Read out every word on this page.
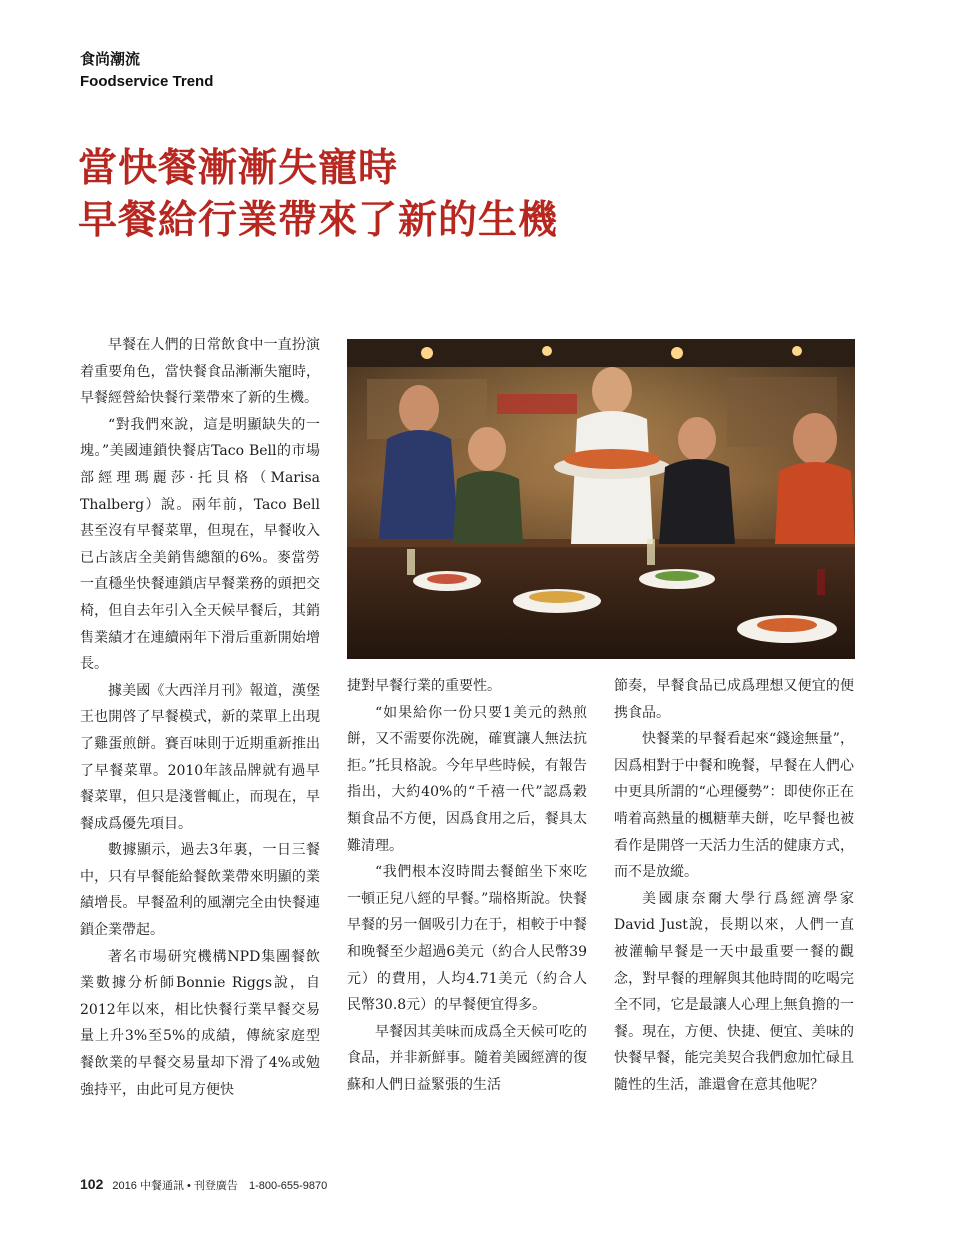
食尚潮流
Foodservice Trend
當快餐漸漸失寵時
早餐給行業帶來了新的生機

早餐在人們的日常飲食中一直扮演着重要角色，當快餐食品漸漸失寵時，早餐經營給快餐行業帶來了新的生機。

“對我們來說，這是明顯缺失的一塊。”美國連鎖快餐店Taco Bell的市場部經理瑪麗莎·托貝格（Marisa Thalberg）說。兩年前，Taco Bell甚至沒有早餐菜單，但現在，早餐收入已占該店全美銷售總額的6%。麥當勞一直穩坐快餐連鎖店早餐業務的頭把交椅，但自去年引入全天候早餐后，其銷售業績才在連續兩年下滑后重新開始增長。

據美國《大西洋月刊》報道，漢堡王也開啓了早餐模式，新的菜單上出現了雞蛋煎餅。賽百味則于近期重新推出了早餐菜單。2010年該品牌就有過早餐菜單，但只是淺嘗輒止，而現在，早餐成爲優先項目。

數據顯示，過去3年裏，一日三餐中，只有早餐能給餐飲業帶來明顯的業績增長。早餐盈利的風潮完全由快餐連鎖企業帶起。

著名市場研究機構NPD集團餐飲業數據分析師Bonnie Riggs說，自2012年以來，相比快餐行業早餐交易量上升3%至5%的成績，傳統家庭型餐飲業的早餐交易量却下滑了4%或勉強持平，由此可見方便快

捷對早餐行業的重要性。

“如果給你一份只要1美元的熱煎餅，又不需要你洗碗，確實讓人無法抗拒。”托貝格說。今年早些時候，有報告指出，大約40%的“千禧一代”認爲穀類食品不方便，因爲食用之后，餐具太難清理。

“我們根本沒時間去餐館坐下來吃一頓正兒八經的早餐。”瑞格斯說。快餐早餐的另一個吸引力在于，相較于中餐和晚餐至少超過6美元（約合人民幣39元）的費用，人均4.71美元（約合人民幣30.8元）的早餐便宜得多。

早餐因其美味而成爲全天候可吃的食品，并非新鮮事。隨着美國經濟的復蘇和人們日益緊張的生活

節奏，早餐食品已成爲理想又便宜的便携食品。

快餐業的早餐看起來“錢途無量”，因爲相對于中餐和晚餐，早餐在人們心中更具所謂的“心理優勢”：即使你正在啃着高熱量的楓糖華夫餅，吃早餐也被看作是開啓一天活力生活的健康方式，而不是放縱。

美國康奈爾大學行爲經濟學家David Just說，長期以來，人們一直被灌輸早餐是一天中最重要一餐的觀念，對早餐的理解與其他時間的吃喝完全不同，它是最讓人心理上無負擔的一餐。現在，方便、快捷、便宜、美味的快餐早餐，能完美契合我們愈加忙碌且隨性的生活，誰還會在意其他呢？

102 2016 中餐通訊 • 刊登廣告 1-800-655-9870
